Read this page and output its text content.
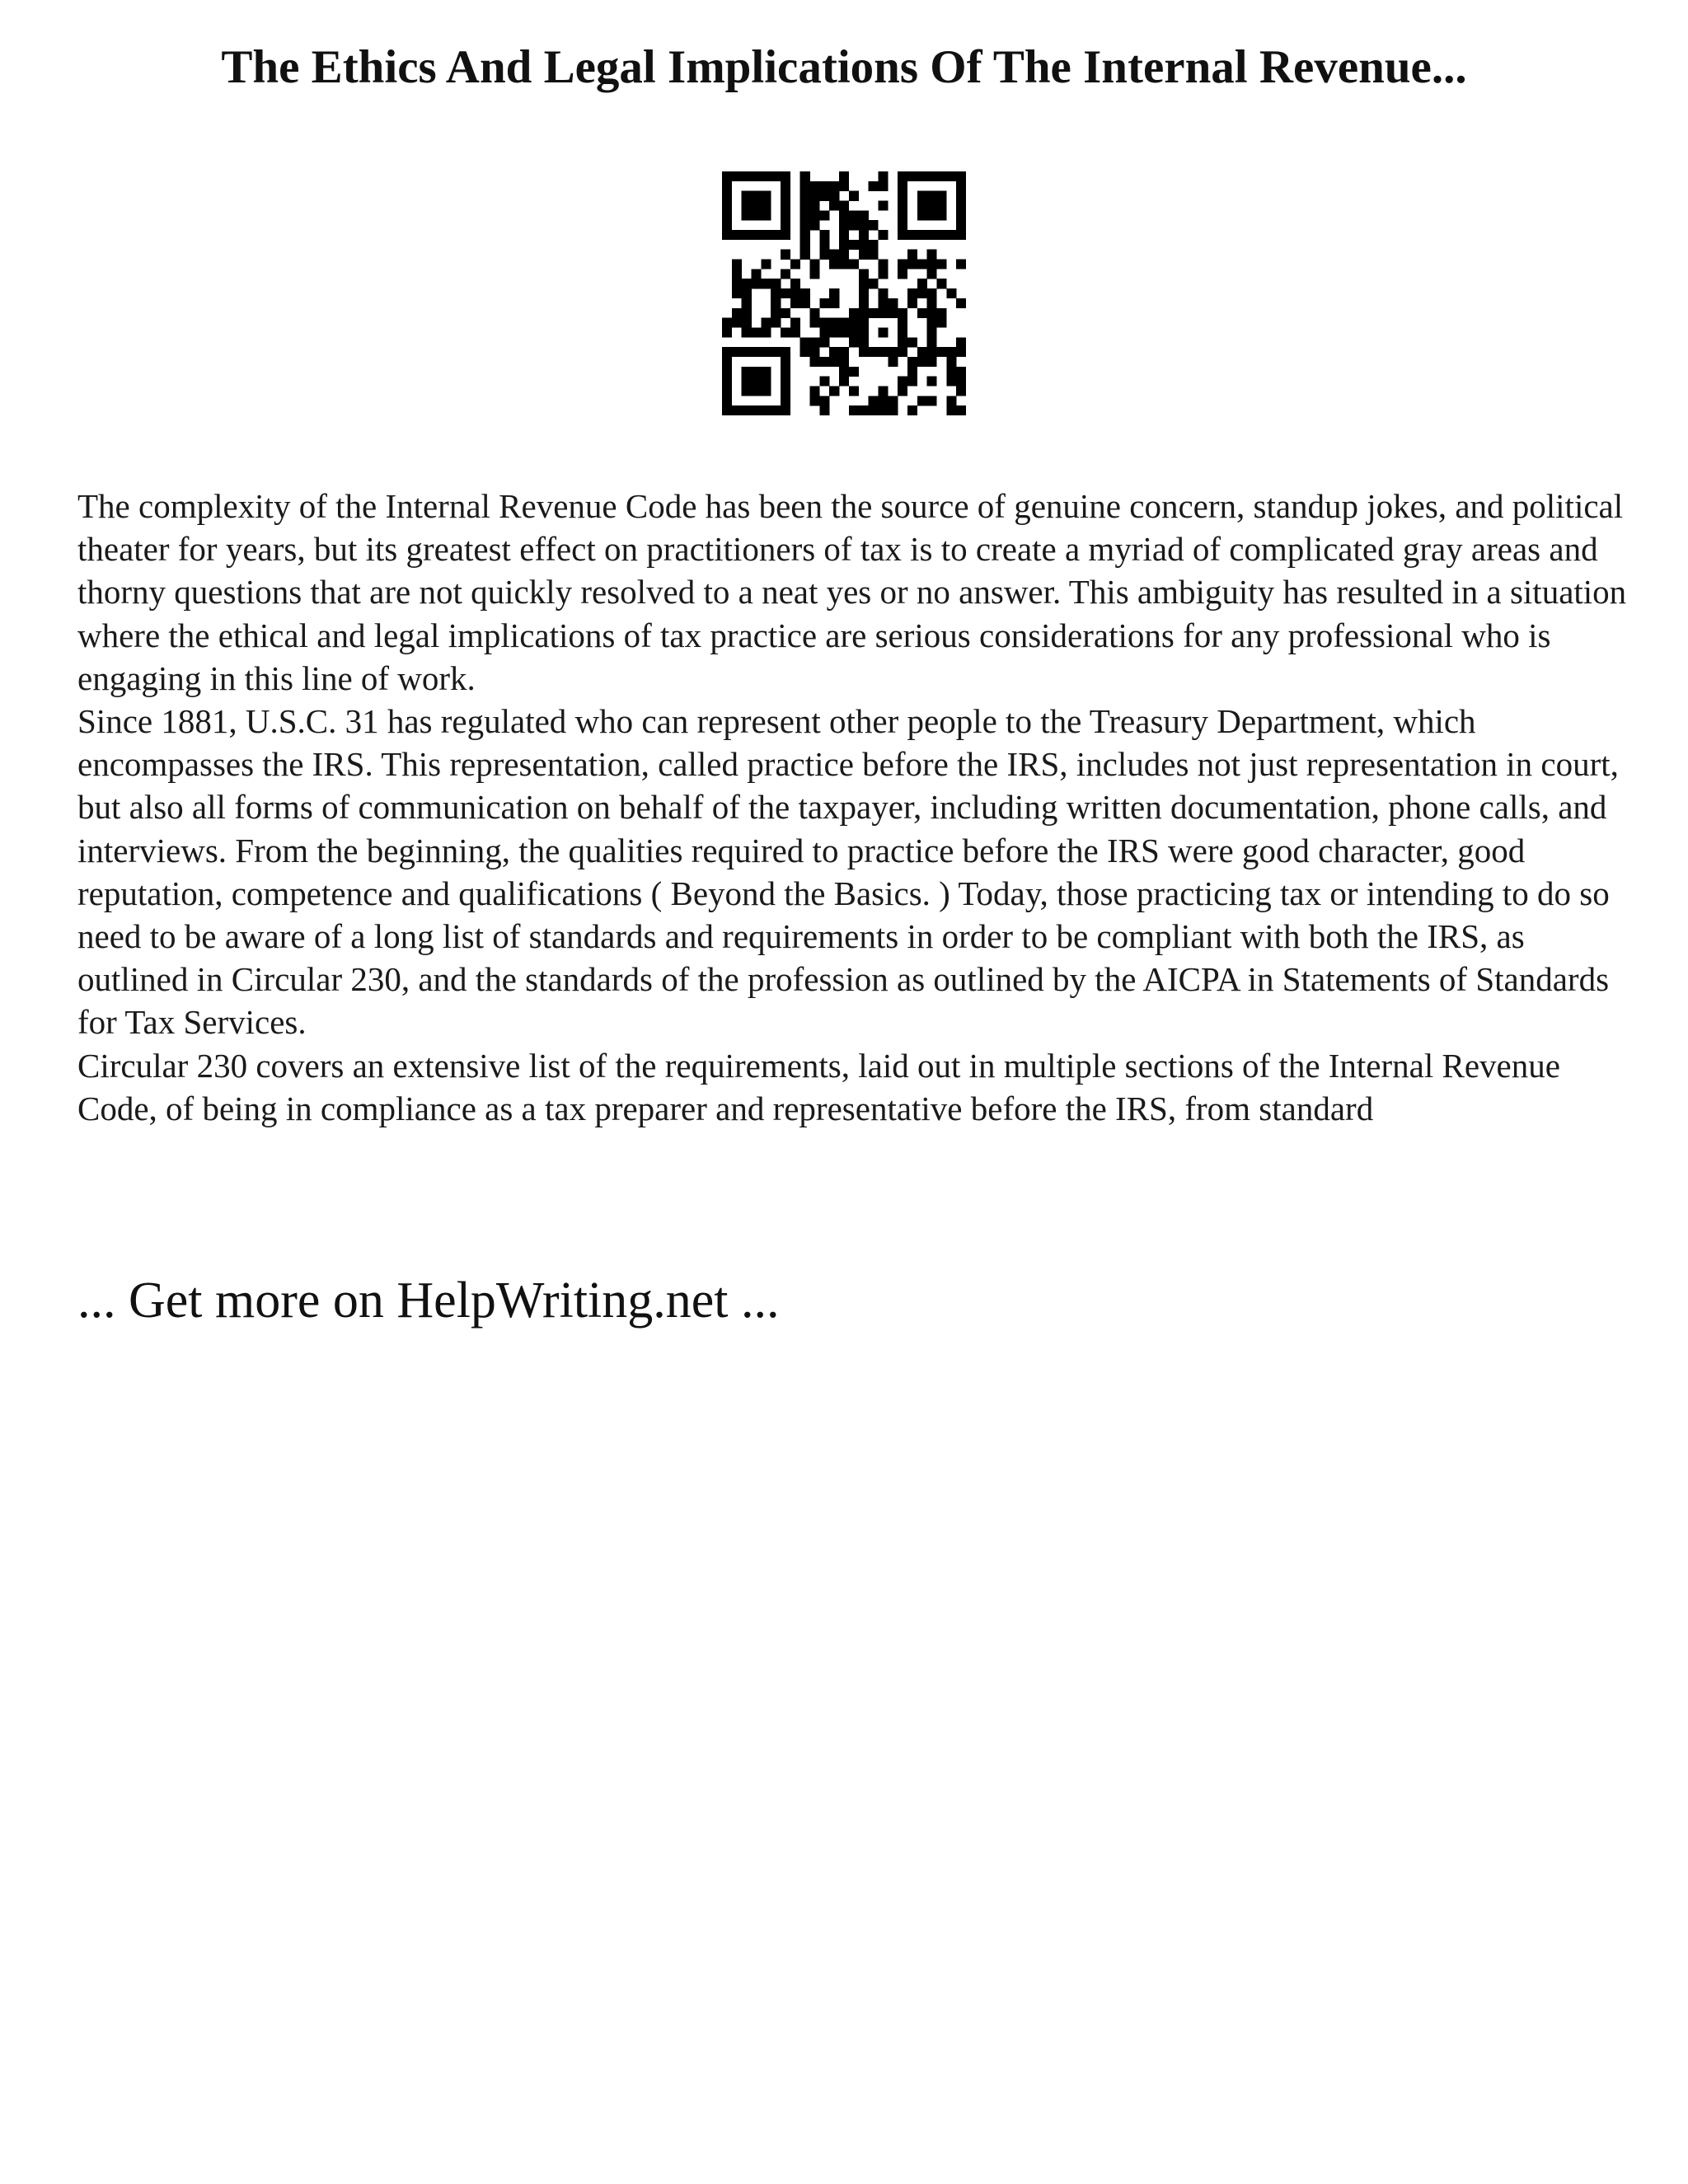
The Ethics And Legal Implications Of The Internal Revenue...

The complexity of the Internal Revenue Code has been the source of genuine concern, standup jokes, and political theater for years, but its greatest effect on practitioners of tax is to create a myriad of complicated gray areas and thorny questions that are not quickly resolved to a neat yes or no answer. This ambiguity has resulted in a situation where the ethical and legal implications of tax practice are serious considerations for any professional who is engaging in this line of work.

Since 1881, U.S.C. 31 has regulated who can represent other people to the Treasury Department, which encompasses the IRS. This representation, called practice before the IRS, includes not just representation in court, but also all forms of communication on behalf of the taxpayer, including written documentation, phone calls, and interviews. From the beginning, the qualities required to practice before the IRS were good character, good reputation, competence and qualifications ( Beyond the Basics. ) Today, those practicing tax or intending to do so need to be aware of a long list of standards and requirements in order to be compliant with both the IRS, as outlined in Circular 230, and the standards of the profession as outlined by the AICPA in Statements of Standards for Tax Services.

Circular 230 covers an extensive list of the requirements, laid out in multiple sections of the Internal Revenue Code, of being in compliance as a tax preparer and representative before the IRS, from standard

... Get more on HelpWriting.net ...
